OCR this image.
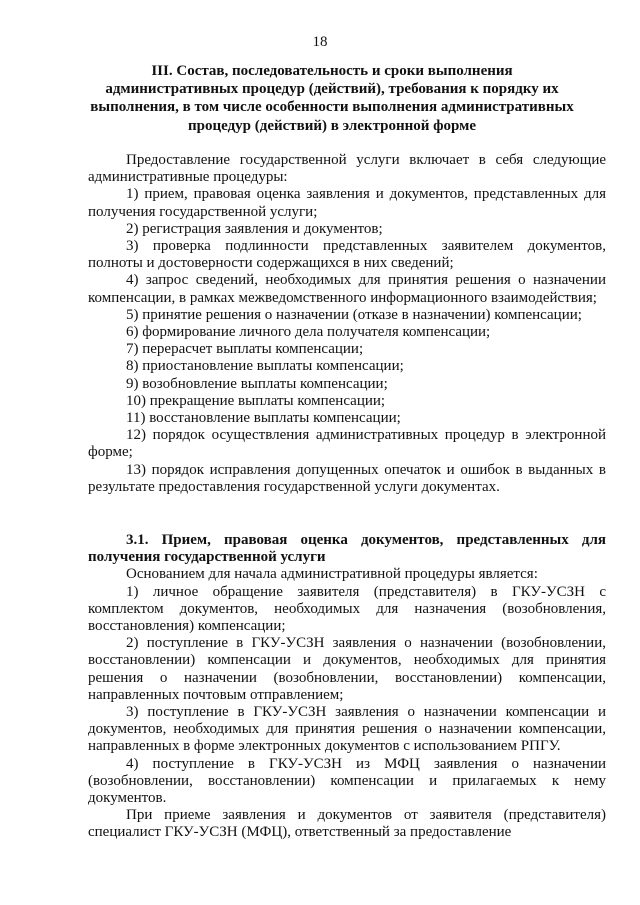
18
III. Состав, последовательность и сроки выполнения
административных процедур (действий), требования к порядку их
выполнения, в том числе особенности выполнения административных
процедур (действий) в электронной форме

Предоставление государственной услуги включает в себя следующие административные процедуры:

1) прием, правовая оценка заявления и документов, представленных для получения государственной услуги;

2) регистрация заявления и документов;

3) проверка подлинности представленных заявителем документов, полноты и достоверности содержащихся в них сведений;

4) запрос сведений, необходимых для принятия решения о назначении компенсации, в рамках межведомственного информационного взаимодействия;

5) принятие решения о назначении (отказе в назначении) компенсации;

6) формирование личного дела получателя компенсации;

7) перерасчет выплаты компенсации;

8) приостановление выплаты компенсации;

9) возобновление выплаты компенсации;

10) прекращение выплаты компенсации;

11) восстановление выплаты компенсации;

12) порядок осуществления административных процедур в электронной форме;

13) порядок исправления допущенных опечаток и ошибок в выданных в результате предоставления государственной услуги документах.

3.1. Прием, правовая оценка документов, представленных для получения государственной услуги

Основанием для начала административной процедуры является:

1) личное обращение заявителя (представителя) в ГКУ-УСЗН с комплектом документов, необходимых для назначения (возобновления, восстановления) компенсации;

2) поступление в ГКУ-УСЗН заявления о назначении (возобновлении, восстановлении) компенсации и документов, необходимых для принятия решения о назначении (возобновлении, восстановлении) компенсации, направленных почтовым отправлением;

3) поступление в ГКУ-УСЗН заявления о назначении компенсации и документов, необходимых для принятия решения о назначении компенсации, направленных в форме электронных документов с использованием РПГУ.

4) поступление в ГКУ-УСЗН из МФЦ заявления о назначении (возобновлении, восстановлении) компенсации и прилагаемых к нему документов.

При приеме заявления и документов от заявителя (представителя) специалист ГКУ-УСЗН (МФЦ), ответственный за предоставление
